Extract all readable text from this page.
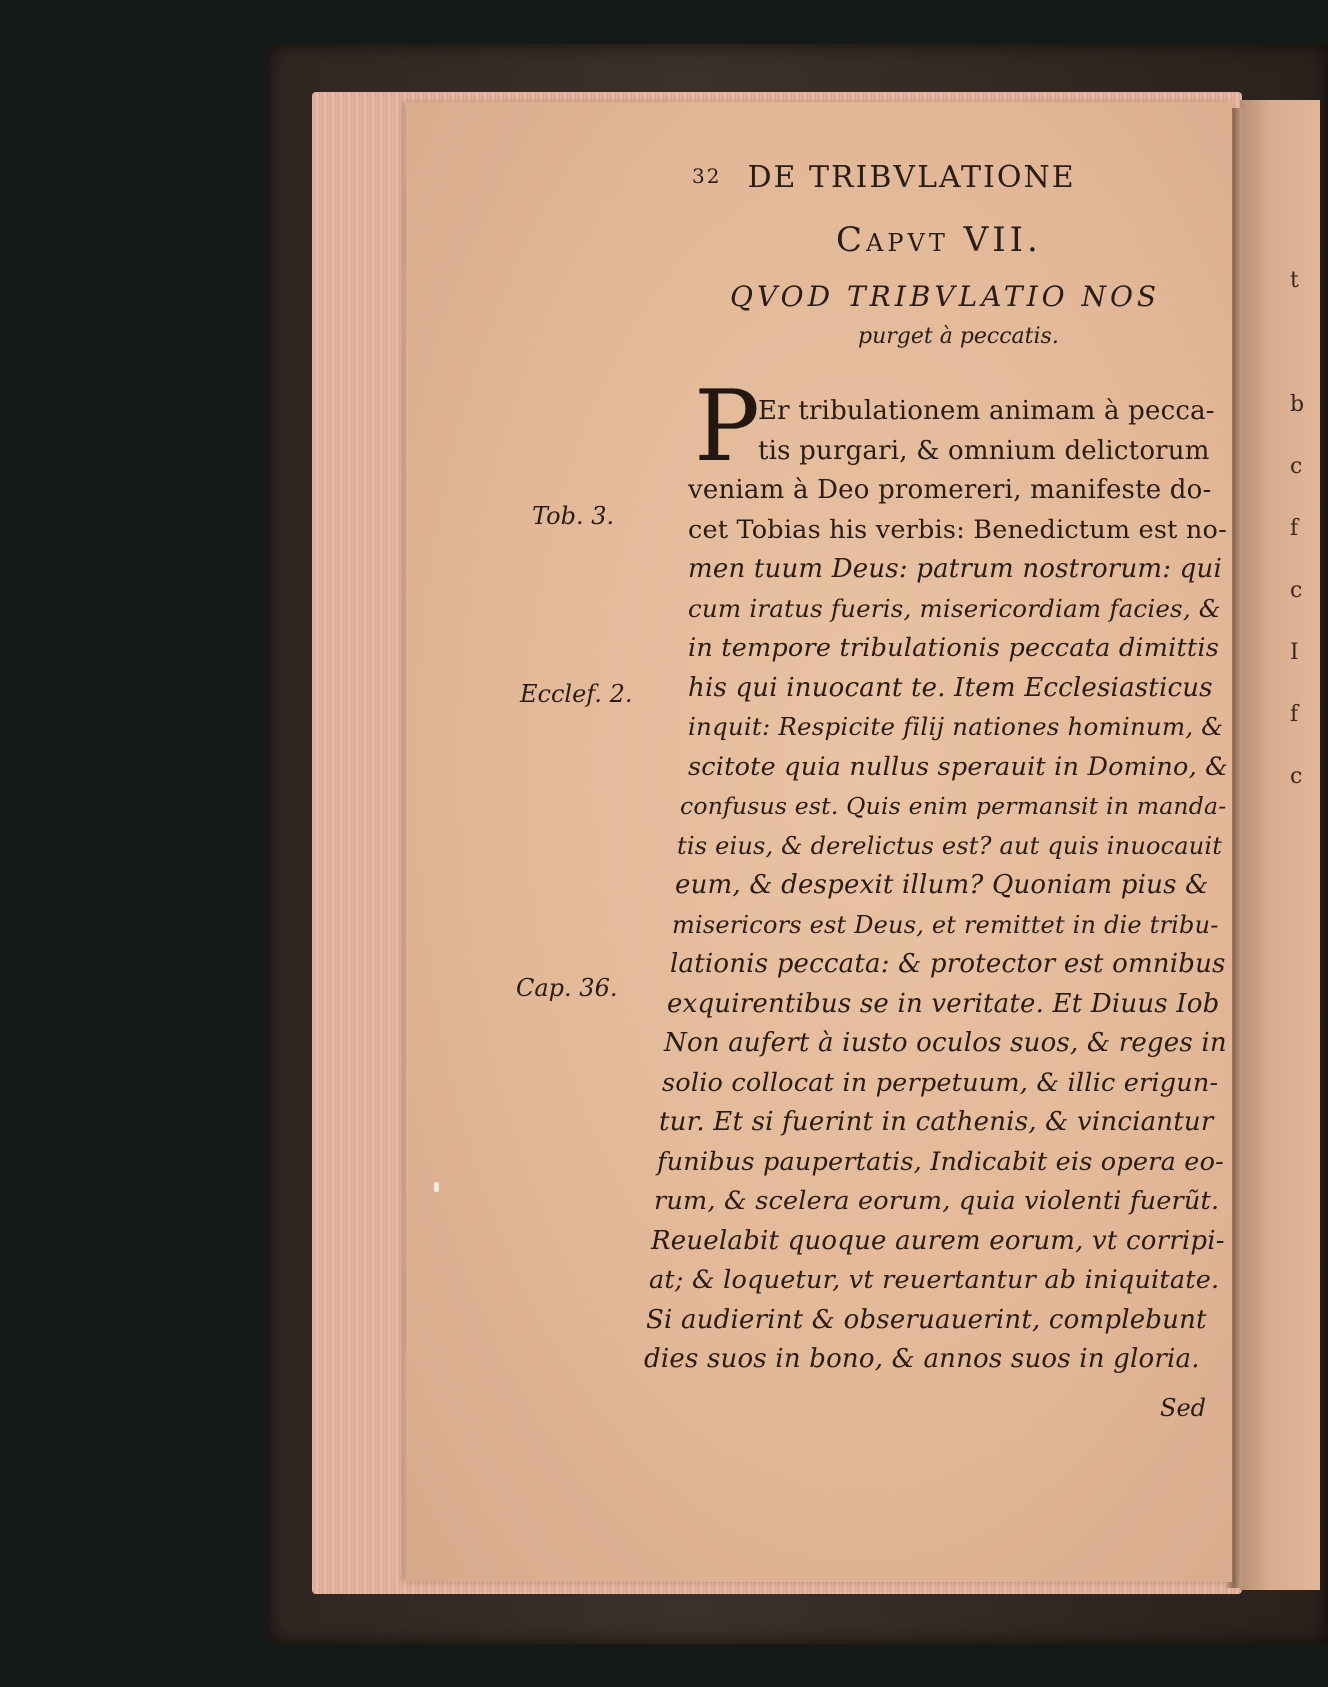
t

b
c
f
c
I
f
c
32 DE TRIBVLATIONE
Capvt VII.
QVOD TRIBVLATIO NOS
purget à peccatis.
P
Er tribulationem animam à pecca-
tis purgari, & omnium delictorum
veniam à Deo promereri, manifeste do-
cet Tobias his verbis: Benedictum est no-
men tuum Deus: patrum nostrorum: qui
cum iratus fueris, misericordiam facies, &
in tempore tribulationis peccata dimittis
his qui inuocant te. Item Ecclesiasticus
inquit: Respicite filij nationes hominum, &
scitote quia nullus sperauit in Domino, &
confusus est. Quis enim permansit in manda-
tis eius, & derelictus est? aut quis inuocauit
eum, & despexit illum? Quoniam pius &
misericors est Deus, et remittet in die tribu-
lationis peccata: & protector est omnibus
exquirentibus se in veritate. Et Diuus Iob
Non aufert à iusto oculos suos, & reges in
solio collocat in perpetuum, & illic erigun-
tur. Et si fuerint in cathenis, & vinciantur
funibus paupertatis, Indicabit eis opera eo-
rum, & scelera eorum, quia violenti fuerũt.
Reuelabit quoque aurem eorum, vt corripi-
at; & loquetur, vt reuertantur ab iniquitate.
Si audierint & obseruauerint, complebunt
dies suos in bono, & annos suos in gloria.
Tob. 3.
Ecclef. 2.
Cap. 36.
Sed
